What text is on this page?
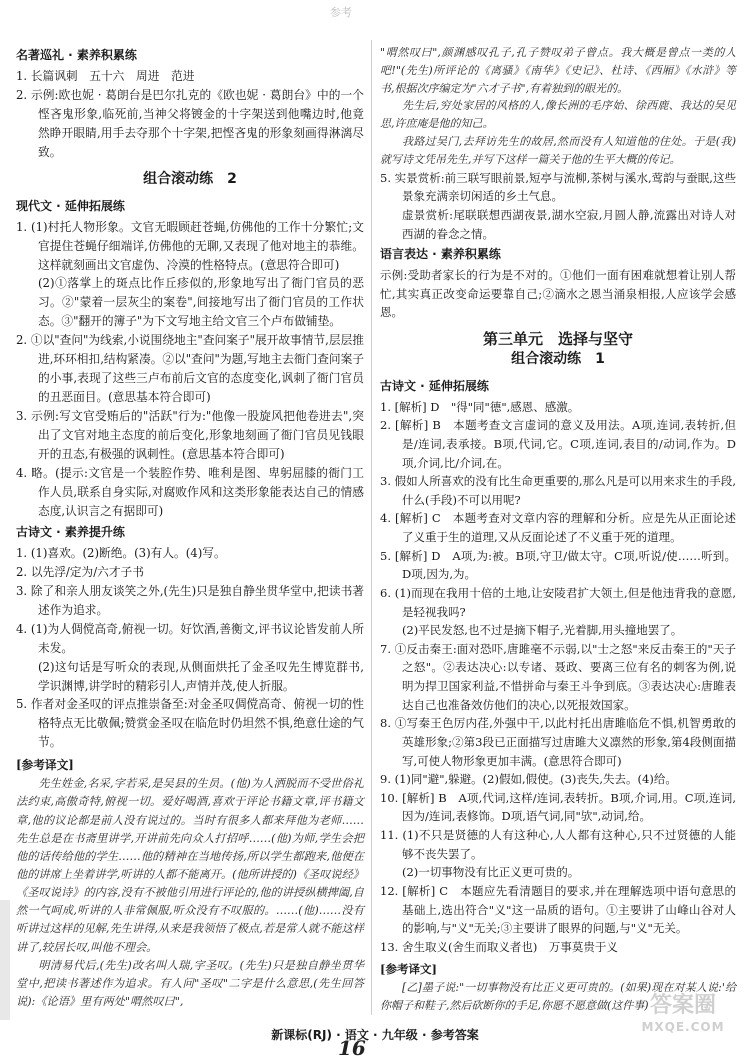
参考
名著巡礼 · 素养积累练

1. 长篇讽刺　五十六　周进　范进

2. 示例:欧也妮 · 葛朗台是巴尔扎克的《欧也妮 · 葛朗台》中的一个悭吝鬼形象,临死前,当神父将镀金的十字架送到他嘴边时,他竟然睁开眼睛,用手去夺那个十字架,把悭吝鬼的形象刻画得淋漓尽致。

组合滚动练　2
现代文 · 延伸拓展练

1. (1)村托人物形象。文官无暇顾赶苍蝇,仿佛他的工作十分繁忙;文官提住苍蝇仔细端详,仿佛他的无聊,又表现了他对地主的恭维。这样就刻画出文官虚伪、冷漠的性格特点。(意思符合即可)

(2)①落掌上的斑点比作丘疹似的,形象地写出了衙门官员的恶习。②"蒙着一层灰尘的案卷",间接地写出了衙门官员的工作状态。③"翻开的簿子"为下文写地主给文官三个卢布做铺垫。

2. ①以"查问"为线索,小说围绕地主"查问案子"展开故事情节,层层推进,环环相扣,结构紧凑。②以"查问"为题,写地主去衙门查问案子的小事,表现了这些三卢布前后文官的态度变化,讽刺了衙门官员的丑恶面目。(意思基本符合即可)

3. 示例:写文官受贿后的"活跃"行为:"他像一股旋风把他卷进去",突出了文官对地主态度的前后变化,形象地刻画了衙门官员见钱眼开的丑态,有极强的讽刺性。(意思基本符合即可)

4. 略。(提示:文官是一个装腔作势、唯利是图、卑躬屈膝的衙门工作人员,联系自身实际,对腐败作风和这类形象能表达自己的情感态度,认识言之有据即可)

古诗文 · 素养提升练

1. (1)喜欢。(2)断绝。(3)有人。(4)写。

2. 以先浮/定为/六才子书

3. 除了和亲人朋友谈笑之外,(先生)只是独自静坐贯华堂中,把读书著述作为追求。

4. (1)为人倜傥高奇,俯视一切。好饮酒,善衡文,评书议论皆发前人所未发。

(2)这句话是写听众的表现,从侧面烘托了金圣叹先生博览群书,学识渊博,讲学时的精彩引人,声情并茂,使人折服。

5. 作者对金圣叹的评点推崇备至:对金圣叹倜傥高奇、俯视一切的性格特点无比敬佩;赞赏金圣叹在临危时仍坦然不惧,绝意仕途的气节。

[参考译文]

先生姓金,名采,字若采,是吴县的生员。(他)为人洒脱而不受世俗礼法约束,高傲奇特,俯视一切。爱好喝酒,喜欢于评论书籍文章,评书籍文章,他的议论都是前人没有说过的。当时有很多人都来拜他为老师……先生总是在书斋里讲学,开讲前先向众人打招呼……(他)为师,学生会把他的话传给他的学生……他的精神在当地传扬,所以学生都跑来,他便在他的讲席上坐着讲学,听讲的人都不能离开。(他所讲授的)《圣叹说经》《圣叹说诗》的内容,没有不被他引用进行评论的,他的讲授纵横捭阖,自然一气呵成,听讲的人非常佩服,听众没有不叹服的。……(他)……没有听讲过这样的见解,先生讲得,从来是我领悟了极点,若是常人就不能这样讲了,较居长叹,叫他不理会。

明清易代后,(先生)改名叫人瑞,字圣叹。(先生)只是独自静坐贯华堂中,把读书著述作为追求。有人问"圣叹"二字是什么意思,(先生回答说):《论语》里有两处"喟然叹曰",

"喟然叹曰",颜渊感叹孔子,孔子赞叹弟子曾点。我大概是曾点一类的人吧!"(先生)所评论的《离骚》《南华》《史记》、杜诗、《西厢》《水浒》等书,根据次序编定为"六才子书",有着独到的眼光的。

先生后,穷处家居的风格的人,像长洲的毛序始、徐西鹿、我达的吴见思,许庶庵是他的知己。

我路过吴门,去拜访先生的故居,然而没有人知道他的住处。于是(我)就写诗文凭吊先生,并写下这样一篇关于他的生平大概的传记。

5. 实景赏析:前三联写眼前景,短亭与流柳,茶树与溪水,莺韵与蚕眠,这些景象充满亲切闲适的乡土气息。

虚景赏析:尾联联想西湖夜景,湖水空寂,月圆人静,流露出对诗人对西湖的眷念之情。

语言表达 · 素养积累练

示例:受助者家长的行为是不对的。①他们一面有困难就想着让别人帮忙,其实真正改变命运要靠自己;②滴水之恩当涌泉相报,人应该学会感恩。

第三单元　选择与坚守
组合滚动练　1
古诗文 · 延伸拓展练

1. [解析] D　"得"同"德",感恩、感激。

2. [解析] B　本题考查文言虚词的意义及用法。A项,连词,表转折,但是/连词,表承接。B项,代词,它。C项,连词,表目的/动词,作为。D项,介词,比/介词,在。

3. 假如人所喜欢的没有比生命更重要的,那么凡是可以用来求生的手段,什么(手段)不可以用呢?

4. [解析] C　本题考查对文章内容的理解和分析。应是先从正面论述了义重于生的道理,又从反面论述了不义重于死的道理。

5. [解析] D　A项,为:被。B项,守卫/做太守。C项,听说/使……听到。D项,因为,为。

6. (1)而现在我用十倍的土地,让安陵君扩大领土,但是他违背我的意愿,是轻视我吗?

(2)平民发怒,也不过是摘下帽子,光着脚,用头撞地罢了。

7. ①反击秦王:面对恐吓,唐雎毫不示弱,以"士之怒"来反击秦王的"天子之怒"。②表达决心:以专诸、聂政、要离三位有名的刺客为例,说明为捍卫国家利益,不惜拼命与秦王斗争到底。③表达决心:唐雎表达自己也准备效仿他们的决心,以死报效国家。

8. ①写秦王色厉内荏,外强中干,以此村托出唐雎临危不惧,机智勇敢的英雄形象;②第3段已正面描写过唐雎大义凛然的形象,第4段侧面描写,可使人物形象更加丰满。(意思符合即可)

9. (1)同"避",躲避。(2)假如,假使。(3)丧失,失去。(4)给。

10. [解析] B　A项,代词,这样/连词,表转折。B项,介词,用。C项,连词,因为/连词,表修饰。D项,语气词,同"欤",动词,给。

11. (1)不只是贤德的人有这种心,人人都有这种心,只不过贤德的人能够不丧失罢了。

(2)一切事物没有比正义更可贵的。

12. [解析] C　本题应先看清题目的要求,并在理解选项中语句意思的基础上,选出符合"义"这一品质的语句。①主要讲了山峰山谷对人的影响,与"义"无关;③主要讲了眼界的问题,与"义"无关。

13. 舍生取义(舍生而取义者也)　万事莫贵于义

[参考译文]

[乙]墨子说:"一切事物没有比正义更可贵的。(如果)现在对某人说:'给你帽子和鞋子,然后砍断你的手足,你愿不愿意做(这件事)

新课标(RJ) · 语文 · 九年级 · 参考答案
16
答案圈
MXQE.COM
